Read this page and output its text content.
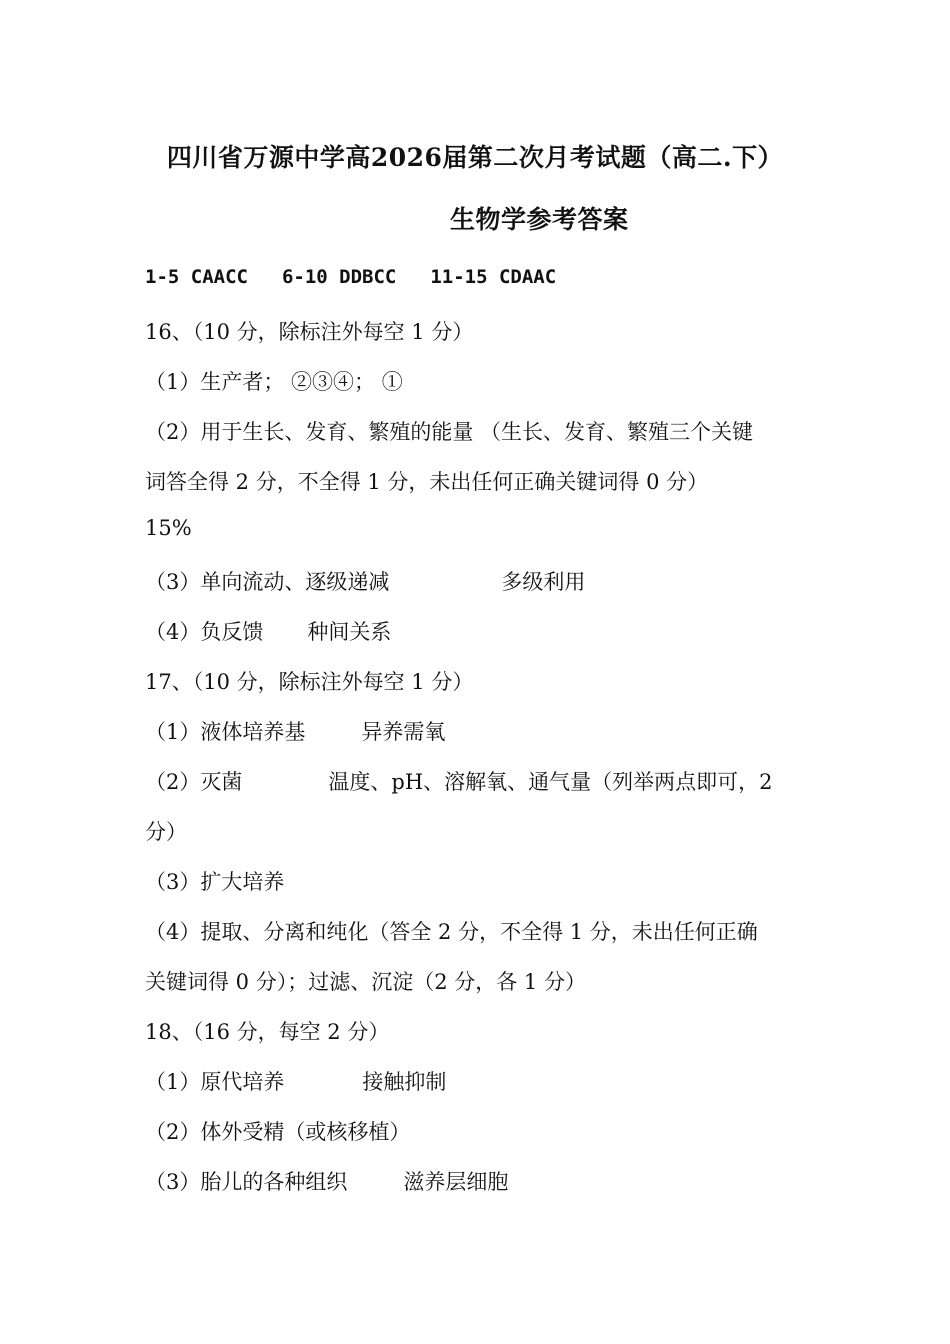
四川省万源中学高2026届第二次月考试题（高二.下）
生物学参考答案
1-5 CAACC 6-10 DDBCC 11-15 CDAAC
16、（10 分，除标注外每空 1 分）
（1）生产者； ②③④； ①
（2）用于生长、发育、繁殖的能量 （生长、发育、繁殖三个关键
词答全得 2 分，不全得 1 分，未出任何正确关键词得 0 分）
15%
（3）单向流动、逐级递减	多级利用
（4）负反馈 种间关系
17、（10 分，除标注外每空 1 分）
（1）液体培养基	异养需氧
（2）灭菌	温度、pH、溶解氧、通气量（列举两点即可，2
分）
（3）扩大培养
（4）提取、分离和纯化（答全 2 分，不全得 1 分，未出任何正确
关键词得 0 分）；过滤、沉淀（2 分，各 1 分）
18、（16 分，每空 2 分）
（1）原代培养	接触抑制
（2）体外受精（或核移植）
（3）胎儿的各种组织	滋养层细胞
